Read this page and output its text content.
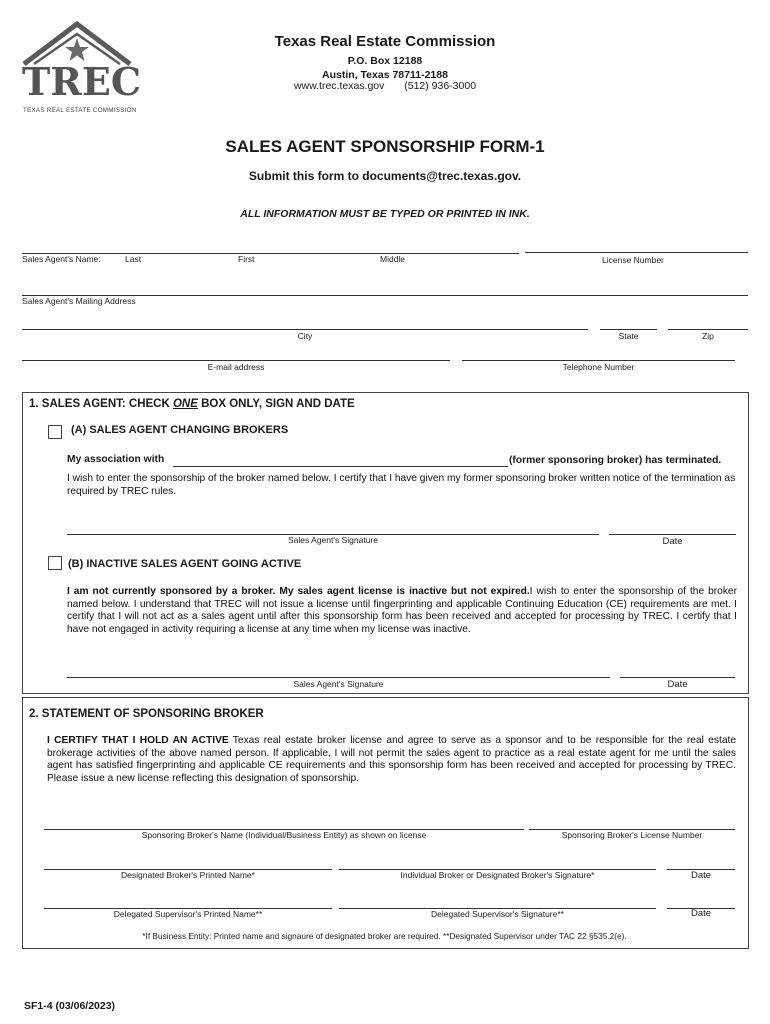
TREC
TEXAS REAL ESTATE COMMISSION
Texas Real Estate Commission
P.O. Box 12188
Austin, Texas 78711-2188
www.trec.texas.gov (512) 936-3000
SALES AGENT SPONSORSHIP FORM-1
Submit this form to documents@trec.texas.gov.
ALL INFORMATION MUST BE TYPED OR PRINTED IN INK.
Sales Agent's Name:	Last	First	Middle	License Number
Sales Agent's Mailing Address
City	State	Zip
E-mail address	Telephone Number
1. SALES AGENT: CHECK ONE BOX ONLY, SIGN AND DATE
(A) SALES AGENT CHANGING BROKERS
My association with	(former sponsoring broker) has terminated.
I wish to enter the sponsorship of the broker named below. I certify that I have given my former sponsoring broker written notice of the termination as required by TREC rules.
Sales Agent's Signature	Date
(B) INACTIVE SALES AGENT GOING ACTIVE
I am not currently sponsored by a broker. My sales agent license is inactive but not expired.I wish to enter the sponsorship of the broker named below. I understand that TREC will not issue a license until fingerprinting and applicable Continuing Education (CE) requirements are met. I certify that I will not act as a sales agent until after this sponsorship form has been received and accepted for processing by TREC. I certify that I have not engaged in activity requiring a license at any time when my license was inactive.
Sales Agent's Signature	Date
2. STATEMENT OF SPONSORING BROKER
I CERTIFY THAT I HOLD AN ACTIVE Texas real estate broker license and agree to serve as a sponsor and to be responsible for the real estate brokerage activities of the above named person. If applicable, I will not permit the sales agent to practice as a real estate agent for me until the sales agent has satisfied fingerprinting and applicable CE requirements and this sponsorship form has been received and accepted for processing by TREC. Please issue a new license reflecting this designation of sponsorship.
Sponsoring Broker's Name (Individual/Business Entity) as shown on license	Sponsoring Broker's License Number
Designated Broker's Printed Name*	Individual Broker or Designated Broker's Signature*	Date
Delegated Supervisor's Printed Name**	Delegated Supervisor's Signature**	Date
*If Business Entity: Printed name and signaure of designated broker are required. **Designated Supervisor under TAC 22 §535.2(e).
SF1-4 (03/06/2023)
